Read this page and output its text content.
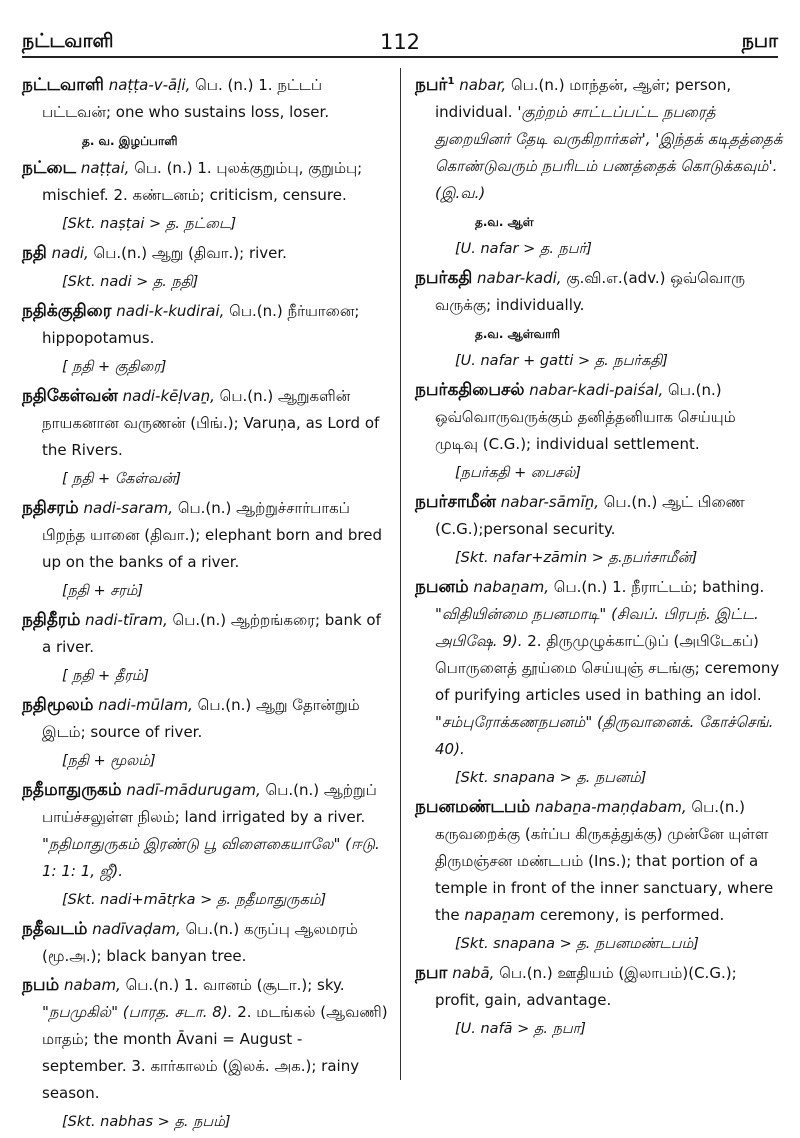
நட்டவாளி	112	நபா
நட்டவாளி naṭṭa-v-āḷi, பெ. (n.) 1. நட்டப் பட்டவன்; one who sustains loss, loser.
த. வ. இழப்பாளி
நட்டை naṭṭai, பெ. (n.) 1. புலக்குறும்பு, குறும்பு; mischief. 2. கண்டனம்; criticism, censure.
[Skt. naṣṭai > த. நட்டை]
நதி nadi, பெ.(n.) ஆறு (திவா.); river.
[Skt. nadi > த. நதி]
நதிக்குதிரை nadi-k-kudirai, பெ.(n.) நீர்யானை; hippopotamus.
[ நதி + குதிரை]
நதிகேள்வன் nadi-kēḷvaṉ, பெ.(n.) ஆறுகளின் நாயகனான வருணன் (பிங்.); Varuṇa, as Lord of the Rivers.
[ நதி + கேள்வன்]
நதிசரம் nadi-saram, பெ.(n.) ஆற்றுச்சார்பாகப் பிறந்த யானை (திவா.); elephant born and bred up on the banks of a river.
[நதி + சரம்]
நதிதீரம் nadi-tīram, பெ.(n.) ஆற்றங்கரை; bank of a river.
[ நதி + தீரம்]
நதிமூலம் nadi-mūlam, பெ.(n.) ஆறு தோன்றும் இடம்; source of river.
[நதி + மூலம்]
நதீமாதுருகம் nadī-mādurugam, பெ.(n.) ஆற்றுப் பாய்ச்சலுள்ள நிலம்; land irrigated by a river. "நதிமாதுருகம் இரண்டு பூ விளைகையாலே" (ஈடு. 1: 1: 1, ஜீ).
[Skt. nadi+mātṛka > த. நதீமாதுருகம்]
நதீவடம் nadīvaḍam, பெ.(n.) கருப்பு ஆலமரம் (மூ.அ.); black banyan tree.
நபம் nabam, பெ.(n.) 1. வானம் (சூடா.); sky. "நபமுகில்" (பாரத. சடா. 8). 2. மடங்கல் (ஆவணி) மாதம்; the month Āvani = August - september. 3. கார்காலம் (இலக். அக.); rainy season.
[Skt. nabhas > த. நபம்]
நபர்$^1$ nabar, பெ.(n.) மாந்தன், ஆள்; person, individual. 'குற்றம் சாட்டப்பட்ட நபரைத் துறையினர் தேடி வருகிறார்கள்', 'இந்தக் கடிதத்தைக் கொண்டுவரும் நபரிடம் பணத்தைக் கொடுக்கவும்'. (இ.வ.)
த.வ. ஆள்
[U. nafar > த. நபர்]
நபர்கதி nabar-kadi, கு.வி.எ.(adv.) ஒவ்வொரு வருக்கு; individually.
த.வ. ஆள்வாரி
[U. nafar + gatti > த. நபர்கதி]
நபர்கதிபைசல் nabar-kadi-paiśal, பெ.(n.) ஒவ்வொருவருக்கும் தனித்தனியாக செய்யும் முடிவு (C.G.); individual settlement.
[நபர்கதி + பைசல்]
நபர்சாமீன் nabar-sāmīṉ, பெ.(n.) ஆட் பிணை (C.G.);personal security.
[Skt. nafar+zāmin > த.நபர்சாமீன்]
நபனம் nabaṉam, பெ.(n.) 1. நீராட்டம்; bathing. "விதியின்மை நபனமாடி" (சிவப். பிரபந். இட்ட. அபிஷே. 9). 2. திருமுழுக்காட்டுப் (அபிடேகப்) பொருளைத் தூய்மை செய்யுஞ் சடங்கு; ceremony of purifying articles used in bathing an idol. "சம்புரோக்கணநபனம்" (திருவானைக். கோச்செங். 40).
[Skt. snapana > த. நபனம்]
நபனமண்டபம் nabaṉa-maṇḍabam, பெ.(n.) கருவறைக்கு (கர்ப்ப கிருகத்துக்கு) முன்னே யுள்ள திருமஞ்சன மண்டபம் (Ins.); that portion of a temple in front of the inner sanctuary, where the napaṉam ceremony, is performed.
[Skt. snapana > த. நபனமண்டபம்]
நபா nabā, பெ.(n.) ஊதியம் (இலாபம்)(C.G.); profit, gain, advantage.
[U. nafā > த. நபா]
